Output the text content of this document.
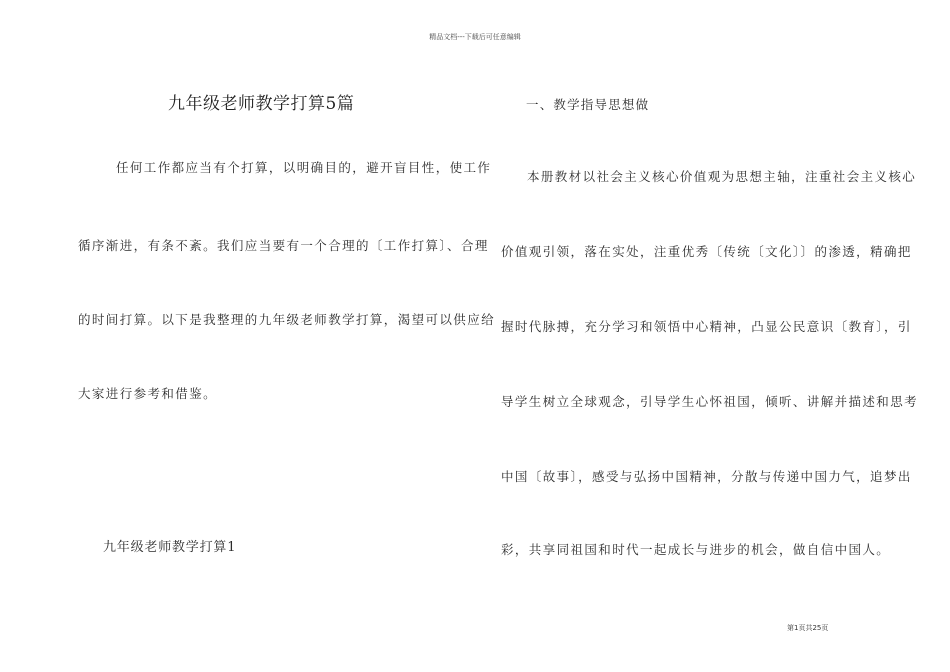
精品文档---下载后可任意编辑
九年级老师教学打算5篇
任何工作都应当有个打算，以明确目的，避开盲目性，使工作
循序渐进，有条不紊。我们应当要有一个合理的〔工作打算〕、合理
的时间打算。以下是我整理的九年级老师教学打算，渴望可以供应给
大家进行参考和借鉴。
九年级老师教学打算1
一、教学指导思想做
本册教材以社会主义核心价值观为思想主轴，注重社会主义核心
价值观引领，落在实处，注重优秀〔传统〔文化〕〕的渗透，精确把
握时代脉搏，充分学习和领悟中心精神，凸显公民意识〔教育〕，引
导学生树立全球观念，引导学生心怀祖国，倾听、讲解并描述和思考
中国〔故事〕，感受与弘扬中国精神，分散与传递中国力气，追梦出
彩，共享同祖国和时代一起成长与进步的机会，做自信中国人。
第1页共25页
